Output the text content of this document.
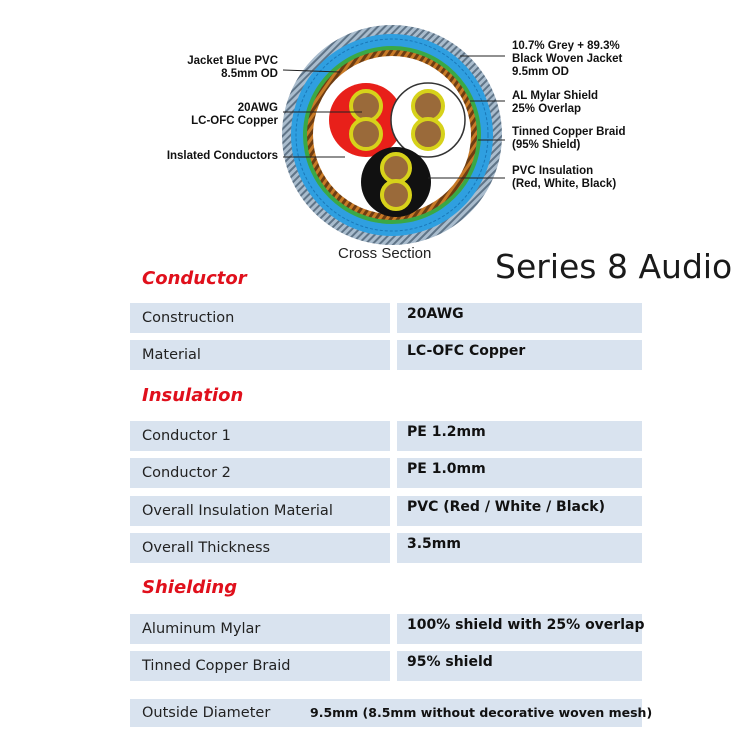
Jacket Blue PVC
8.5mm OD
20AWG
LC-OFC Copper
Inslated Conductors
10.7% Grey + 89.3%
Black Woven Jacket
9.5mm OD
AL Mylar Shield
25% Overlap
Tinned Copper Braid
(95% Shield)
PVC Insulation
(Red, White, Black)
Cross Section Series 8 Audio
Conductor
Construction	20AWG
Material	LC-OFC Copper
Insulation
Conductor 1	PE 1.2mm
Conductor 2	PE 1.0mm
Overall Insulation Material	PVC (Red / White / Black)
Overall Thickness	3.5mm
Shielding
Aluminum Mylar	100% shield with 25% overlap
Tinned Copper Braid	95% shield
Outside Diameter	9.5mm (8.5mm without decorative woven mesh)
